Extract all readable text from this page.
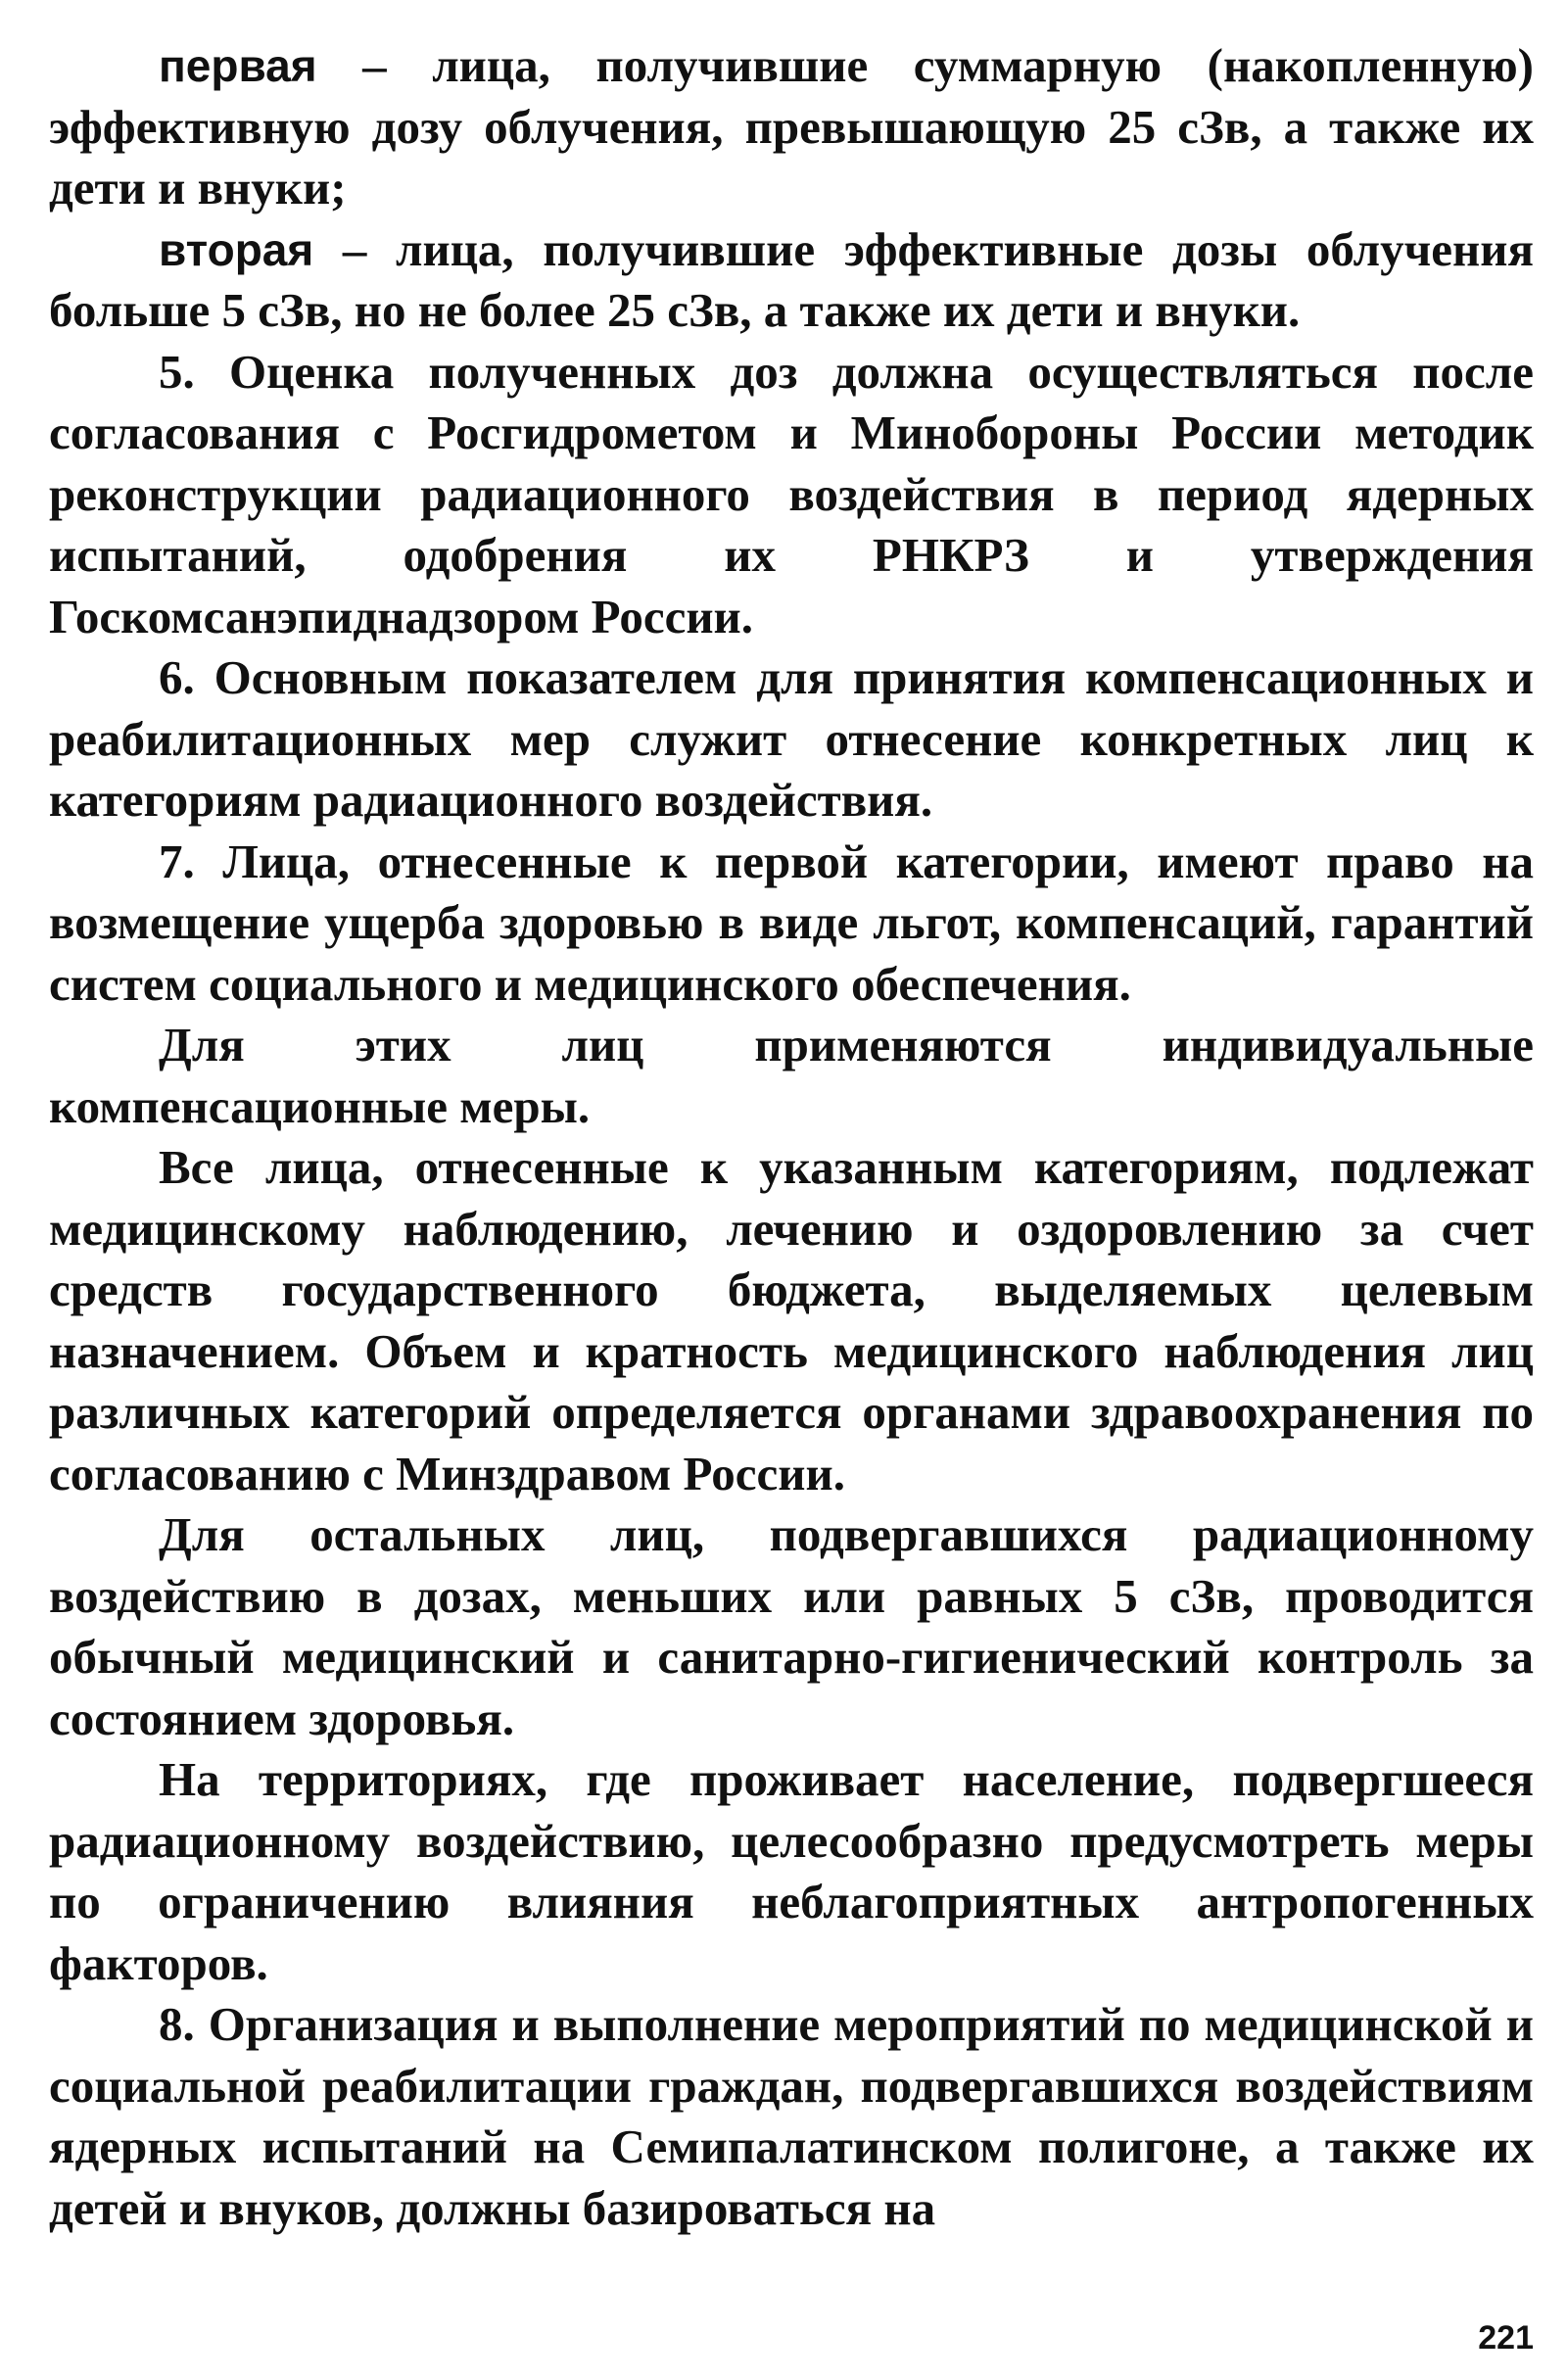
первая – лица, получившие суммарную (накопленную) эффективную дозу облучения, превышающую 25 сЗв, а также их дети и внуки;

вторая – лица, получившие эффективные дозы облучения больше 5 сЗв, но не более 25 сЗв, а также их дети и внуки.

5. Оценка полученных доз должна осуществляться после согласования с Росгидрометом и Минобороны России методик реконструкции радиационного воздействия в период ядерных испытаний, одобрения их РНКРЗ и утверждения Госкомсанэпиднадзором России.

6. Основным показателем для принятия компенсационных и реабилитационных мер служит отнесение конкретных лиц к категориям радиационного воздействия.

7. Лица, отнесенные к первой категории, имеют право на возмещение ущерба здоровью в виде льгот, компенсаций, гарантий систем социального и медицинского обеспечения.

Для этих лиц применяются индивидуальные компенсационные меры.

Все лица, отнесенные к указанным категориям, подлежат медицинскому наблюдению, лечению и оздоровлению за счет средств государственного бюджета, выделяемых целевым назначением. Объем и кратность медицинского наблюдения лиц различных категорий определяется органами здравоохранения по согласованию с Минздравом России.

Для остальных лиц, подвергавшихся радиационному воздействию в дозах, меньших или равных 5 сЗв, проводится обычный медицинский и санитарно-гигиенический контроль за состоянием здоровья.

На территориях, где проживает население, подвергшееся радиационному воздействию, целесообразно предусмотреть меры по ограничению влияния неблагоприятных антропогенных факторов.

8. Организация и выполнение мероприятий по медицинской и социальной реабилитации граждан, подвергавшихся воздействиям ядерных испытаний на Семипалатинском полигоне, а также их детей и внуков, должны базироваться на

221
